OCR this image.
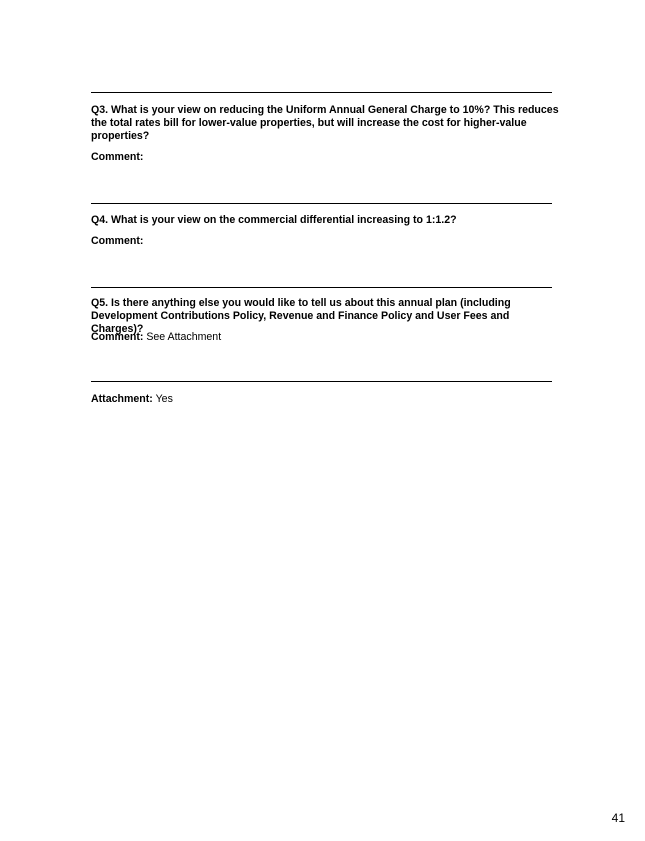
Q3. What is your view on reducing the Uniform Annual General Charge to 10%? This reduces the total rates bill for lower-value properties, but will increase the cost for higher-value properties?
Comment:
Q4. What is your view on the commercial differential increasing to 1:1.2?
Comment:
Q5. Is there anything else you would like to tell us about this annual plan (including Development Contributions Policy, Revenue and Finance Policy and User Fees and Charges)?
Comment: See Attachment
Attachment: Yes
41
